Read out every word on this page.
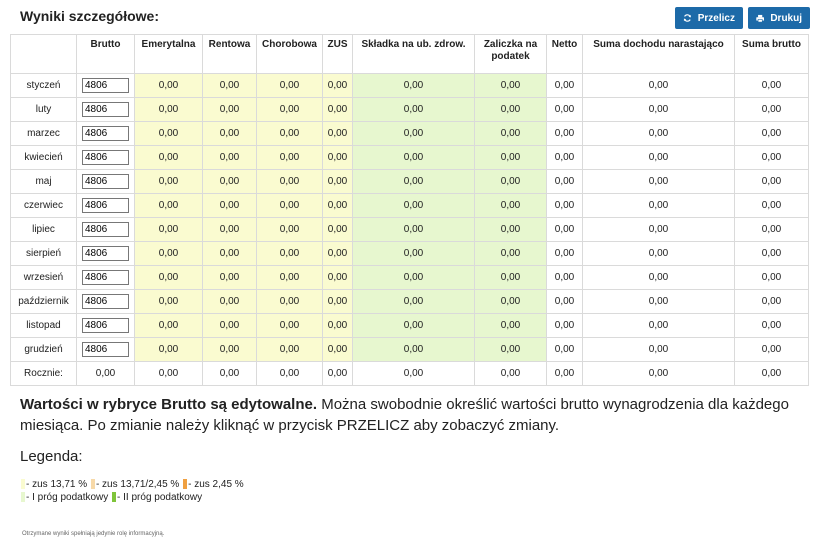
Wyniki szczegółowe:	Przelicz	Drukuj
	Brutto	Emerytalna	Rentowa	Chorobowa	ZUS	Składka na ub. zdrow.	Zaliczka na podatek	Netto	Suma dochodu narastająco	Suma brutto
styczeń	4806	0,00	0,00	0,00	0,00	0,00	0,00	0,00	0,00	0,00
luty	4806	0,00	0,00	0,00	0,00	0,00	0,00	0,00	0,00	0,00
marzec	4806	0,00	0,00	0,00	0,00	0,00	0,00	0,00	0,00	0,00
kwiecień	4806	0,00	0,00	0,00	0,00	0,00	0,00	0,00	0,00	0,00
maj	4806	0,00	0,00	0,00	0,00	0,00	0,00	0,00	0,00	0,00
czerwiec	4806	0,00	0,00	0,00	0,00	0,00	0,00	0,00	0,00	0,00
lipiec	4806	0,00	0,00	0,00	0,00	0,00	0,00	0,00	0,00	0,00
sierpień	4806	0,00	0,00	0,00	0,00	0,00	0,00	0,00	0,00	0,00
wrzesień	4806	0,00	0,00	0,00	0,00	0,00	0,00	0,00	0,00	0,00
październik	4806	0,00	0,00	0,00	0,00	0,00	0,00	0,00	0,00	0,00
listopad	4806	0,00	0,00	0,00	0,00	0,00	0,00	0,00	0,00	0,00
grudzień	4806	0,00	0,00	0,00	0,00	0,00	0,00	0,00	0,00	0,00
Rocznie:	0,00	0,00	0,00	0,00	0,00	0,00	0,00	0,00	0,00	0,00
Wartości w rybryce Brutto są edytowalne. Można swobodnie określić wartości brutto wynagrodzenia dla każdego miesiąca. Po zmianie należy kliknąć w przycisk PRZELICZ aby zobaczyć zmiany.
Legenda:
- zus 13,71 % - zus 13,71/2,45 % - zus 2,45 %
- I próg podatkowy - II próg podatkowy
Otrzymane wyniki spełniają jedynie rolę informacyjną.
